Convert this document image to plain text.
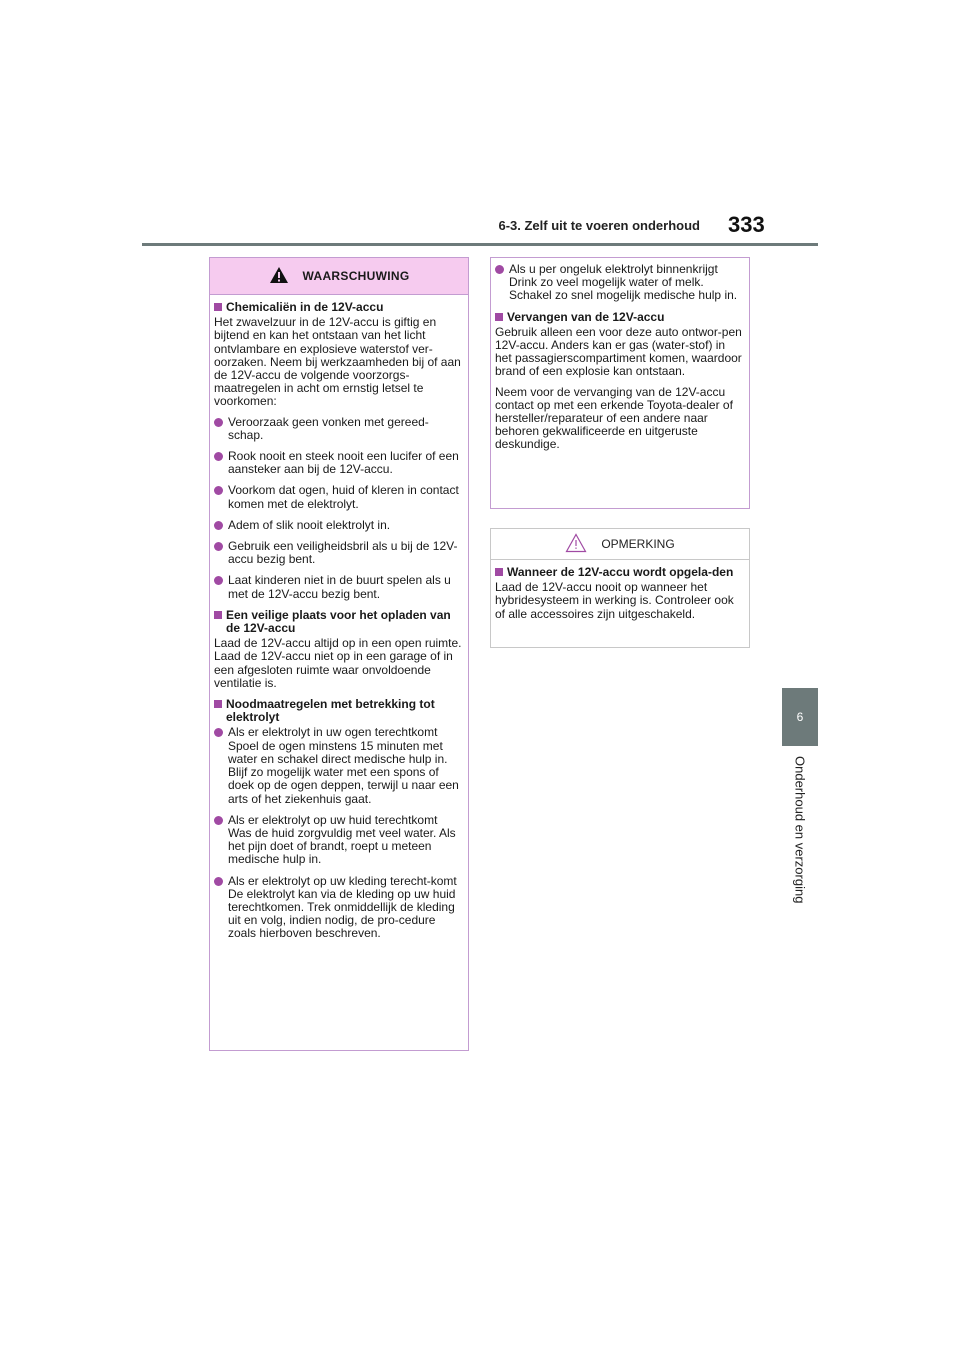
6-3. Zelf uit te voeren onderhoud 333
6
Onderhoud en verzorging
WAARSCHUWING
Chemicaliën in de 12V-accu

Het zwavelzuur in de 12V-accu is giftig en bijtend en kan het ontstaan van het licht ontvlambare en explosieve waterstof ver-oorzaken. Neem bij werkzaamheden bij of aan de 12V-accu de volgende voorzorgs-maatregelen in acht om ernstig letsel te voorkomen:

Veroorzaak geen vonken met gereed-schap.
Rook nooit en steek nooit een lucifer of een aansteker aan bij de 12V-accu.
Voorkom dat ogen, huid of kleren in contact komen met de elektrolyt.
Adem of slik nooit elektrolyt in.
Gebruik een veiligheidsbril als u bij de 12V-accu bezig bent.
Laat kinderen niet in de buurt spelen als u met de 12V-accu bezig bent.
Een veilige plaats voor het opladen van de 12V-accu

Laad de 12V-accu altijd op in een open ruimte. Laad de 12V-accu niet op in een garage of in een afgesloten ruimte waar onvoldoende ventilatie is.

Noodmaatregelen met betrekking tot elektrolyt
Als er elektrolyt in uw ogen terechtkomt
Spoel de ogen minstens 15 minuten met water en schakel direct medische hulp in. Blijf zo mogelijk water met een spons of doek op de ogen deppen, terwijl u naar een arts of het ziekenhuis gaat.
Als er elektrolyt op uw huid terechtkomt
Was de huid zorgvuldig met veel water. Als het pijn doet of brandt, roept u meteen medische hulp in.
Als er elektrolyt op uw kleding terecht-komt
De elektrolyt kan via de kleding op uw huid terechtkomen. Trek onmiddellijk de kleding uit en volg, indien nodig, de pro-cedure zoals hierboven beschreven.
Als u per ongeluk elektrolyt binnenkrijgt
Drink zo veel mogelijk water of melk. Schakel zo snel mogelijk medische hulp in.
Vervangen van de 12V-accu

Gebruik alleen een voor deze auto ontwor-pen 12V-accu. Anders kan er gas (water-stof) in het passagierscompartiment komen, waardoor brand of een explosie kan ontstaan.

Neem voor de vervanging van de 12V-accu contact op met een erkende Toyota-dealer of hersteller/reparateur of een andere naar behoren gekwalificeerde en uitgeruste deskundige.

OPMERKING
Wanneer de 12V-accu wordt opgela-den

Laad de 12V-accu nooit op wanneer het hybridesysteem in werking is. Controleer ook of alle accessoires zijn uitgeschakeld.
